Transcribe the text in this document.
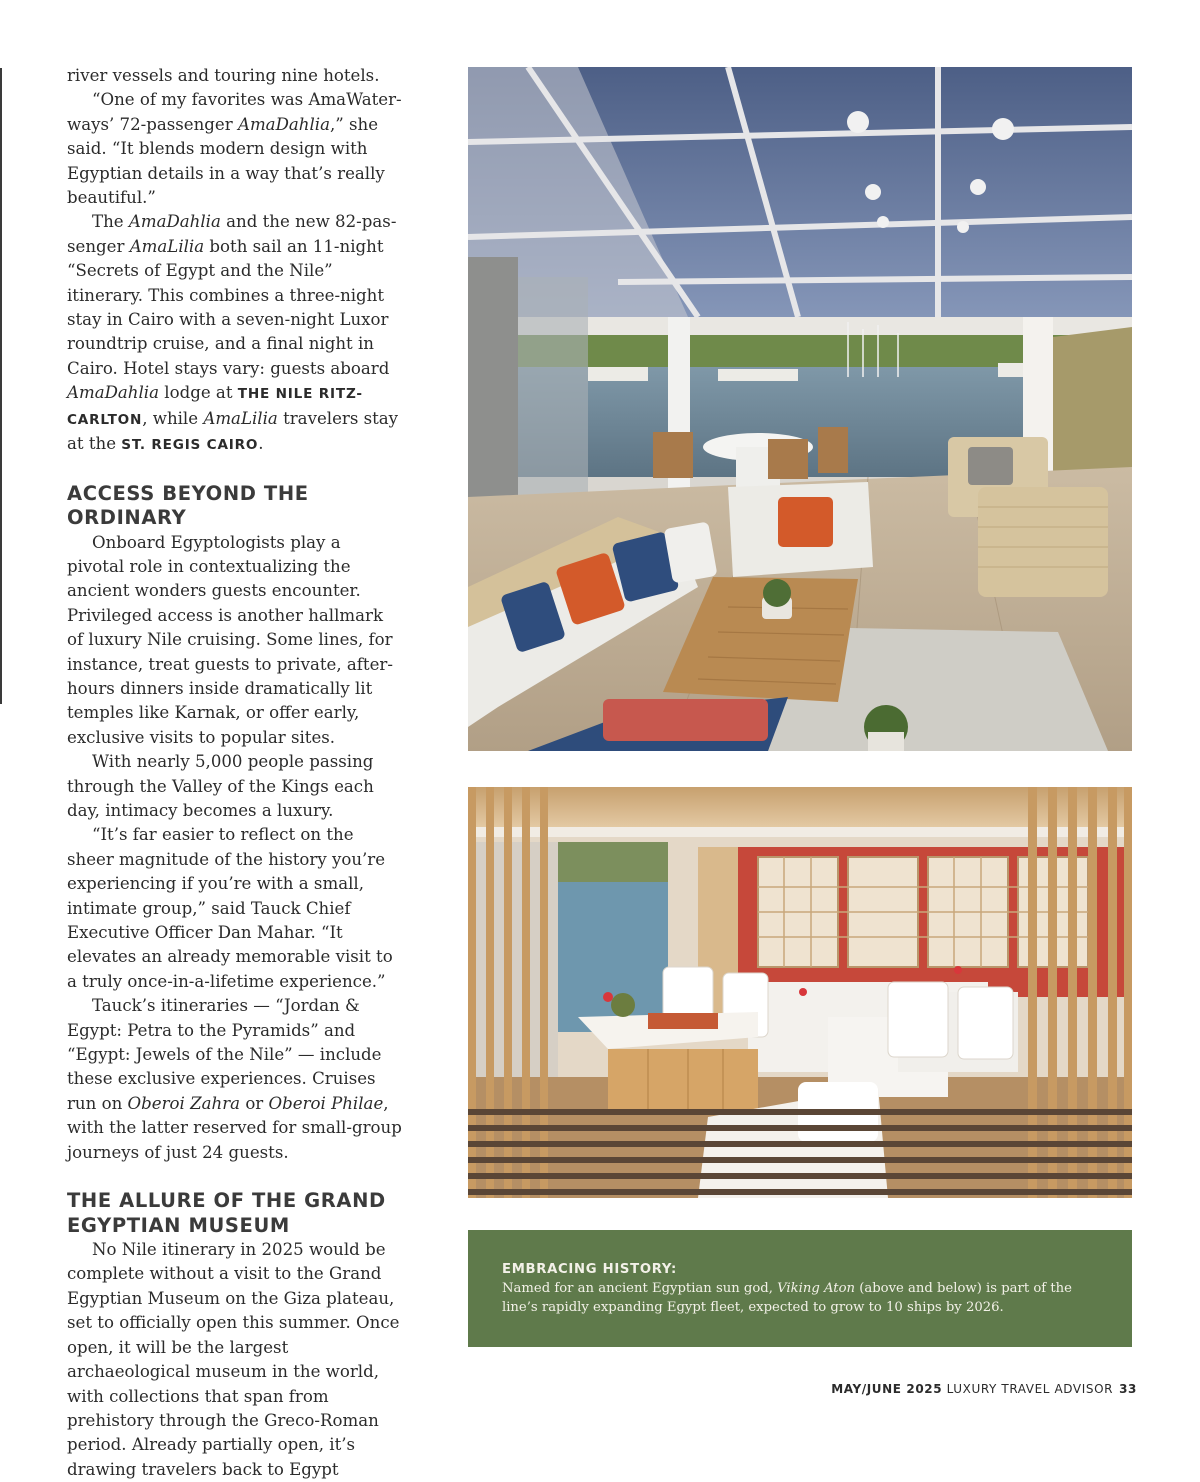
river vessels and touring nine hotels.

“One of my favorites was AmaWaterways’ 72-passenger AmaDahlia,” she said. “It blends modern design with Egyptian details in a way that’s really beautiful.”

The AmaDahlia and the new 82-passenger AmaLilia both sail an 11-night “Secrets of Egypt and the Nile” itinerary. This combines a three-night stay in Cairo with a seven-night Luxor roundtrip cruise, and a final night in Cairo. Hotel stays vary: guests aboard AmaDahlia lodge at THE NILE RITZ-CARLTON, while AmaLilia travelers stay at the ST. REGIS CAIRO.

ACCESS BEYOND THE ORDINARY

Onboard Egyptologists play a pivotal role in contextualizing the ancient wonders guests encounter. Privileged access is another hallmark of luxury Nile cruising. Some lines, for instance, treat guests to private, after-hours dinners inside dramatically lit temples like Karnak, or offer early, exclusive visits to popular sites.

With nearly 5,000 people passing through the Valley of the Kings each day, intimacy becomes a luxury.

“It’s far easier to reflect on the sheer magnitude of the history you’re experiencing if you’re with a small, intimate group,” said Tauck Chief Executive Officer Dan Mahar. “It elevates an already memorable visit to a truly once-in-a-lifetime experience.”

Tauck’s itineraries — “Jordan & Egypt: Petra to the Pyramids” and “Egypt: Jewels of the Nile” — include these exclusive experiences. Cruises run on Oberoi Zahra or Oberoi Philae, with the latter reserved for small-group journeys of just 24 guests.

THE ALLURE OF THE GRAND EGYPTIAN MUSEUM

No Nile itinerary in 2025 would be complete without a visit to the Grand Egyptian Museum on the Giza plateau, set to officially open this summer. Once open, it will be the largest archaeological museum in the world, with collections that span from prehistory through the Greco-Roman period. Already partially open, it’s drawing travelers back to Egypt

EMBRACING HISTORY:
Named for an ancient Egyptian sun god, Viking Aton (above and below) is part of the line’s rapidly expanding Egypt fleet, expected to grow to 10 ships by 2026.
MAY/JUNE 2025 LUXURY TRAVEL ADVISOR 33
